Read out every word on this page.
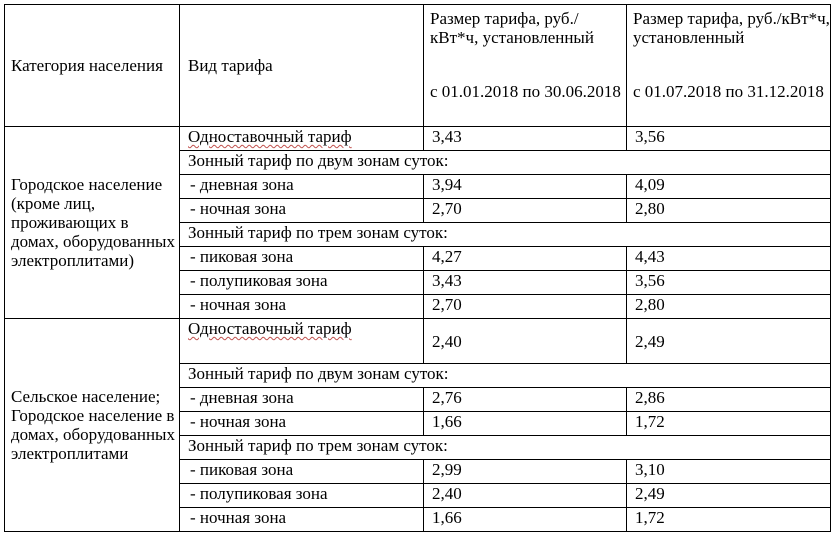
Категория населения	Вид тарифа	Размер тарифа, руб./кВт*ч, установленный	Размер тарифа, руб./кВт*ч, установленный
		с 01.01.2018 по 30.06.2018	с 01.07.2018 по 31.12.2018
Городское население (кроме лиц, проживающих в домах, оборудованных электроплитами)	Одноставочный тариф	3,43	3,56
	Зонный тариф по двум зонам суток:		
	- дневная зона	3,94	4,09
	- ночная зона	2,70	2,80
	Зонный тариф по трем зонам суток:		
	- пиковая зона	4,27	4,43
	- полупиковая зона	3,43	3,56
	- ночная зона	2,70	2,80
Сельское население; Городское население в домах, оборудованных электроплитами	Одноставочный тариф	2,40	2,49
	Зонный тариф по двум зонам суток:		
	- дневная зона	2,76	2,86
	- ночная зона	1,66	1,72
	Зонный тариф по трем зонам суток:		
	- пиковая зона	2,99	3,10
	- полупиковая зона	2,40	2,49
	- ночная зона	1,66	1,72
